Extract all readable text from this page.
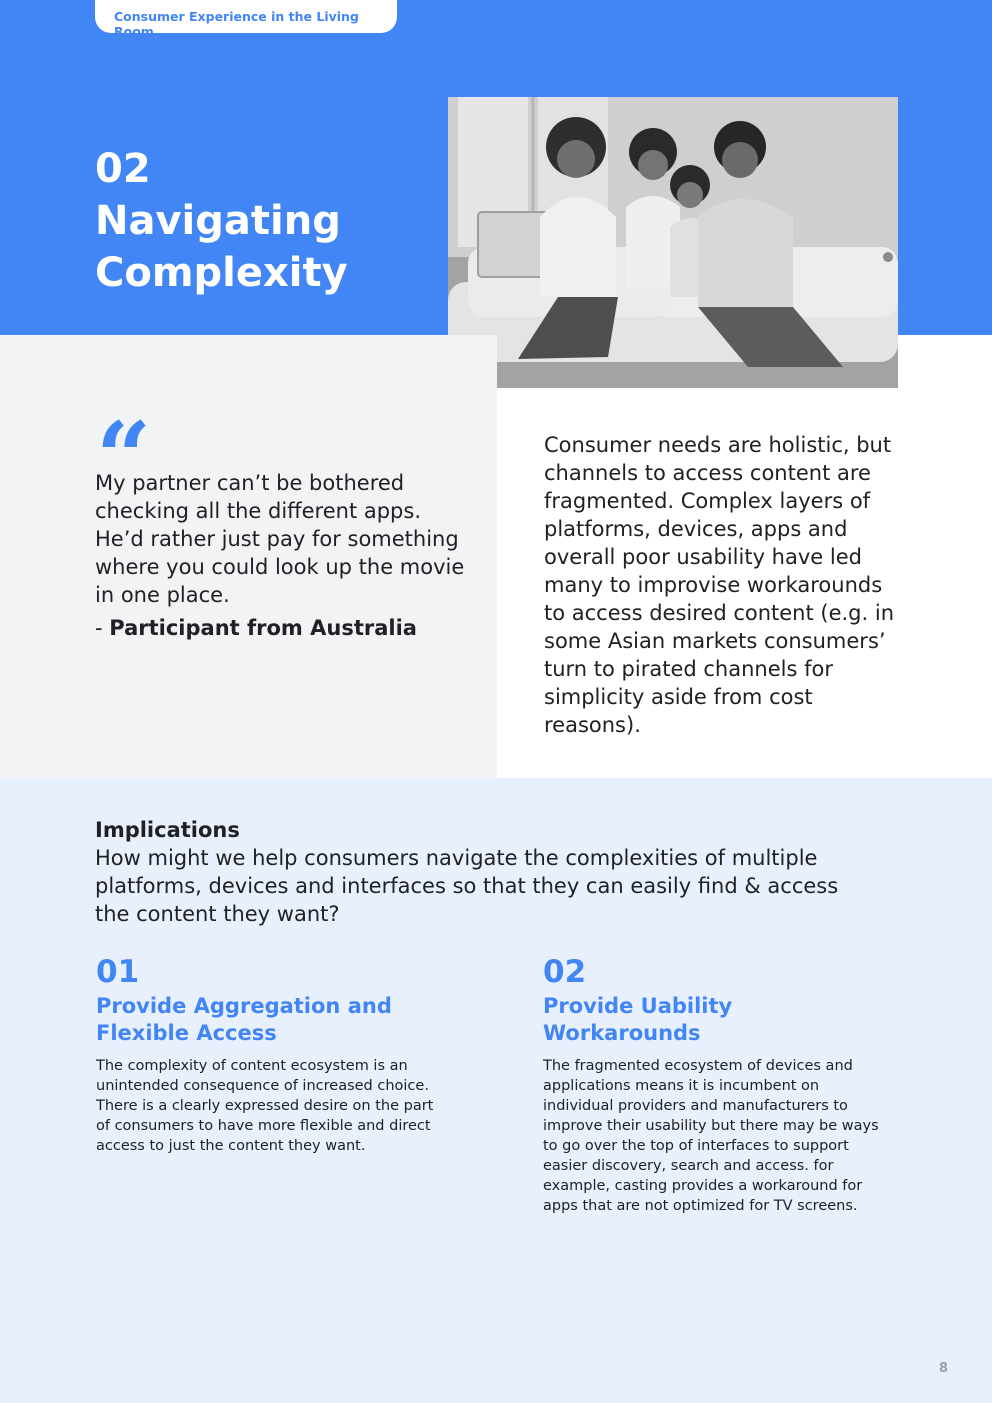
Consumer Experience in the Living Room
02
Navigating
Complexity
“
My partner can’t be bothered checking all the different apps. He’d rather just pay for something where you could look up the movie in one place.
- Participant from Australia
Consumer needs are holistic, but channels to access content are fragmented. Complex layers of platforms, devices, apps and overall poor usability have led many to improvise workarounds to access desired content (e.g. in some Asian markets consumers’ turn to pirated channels for simplicity aside from cost reasons).
Implications
How might we help consumers navigate the complexities of multiple platforms, devices and interfaces so that they can easily find & access the content they want?
01
Provide Aggregation and Flexible Access
The complexity of content ecosystem is an unintended consequence of increased choice. There is a clearly expressed desire on the part of consumers to have more flexible and direct access to just the content they want.
02
Provide Uability Workarounds
The fragmented ecosystem of devices and applications means it is incumbent on individual providers and manufacturers to improve their usability but there may be ways to go over the top of interfaces to support easier discovery, search and access. for example, casting provides a workaround for apps that are not optimized for TV screens.
8
